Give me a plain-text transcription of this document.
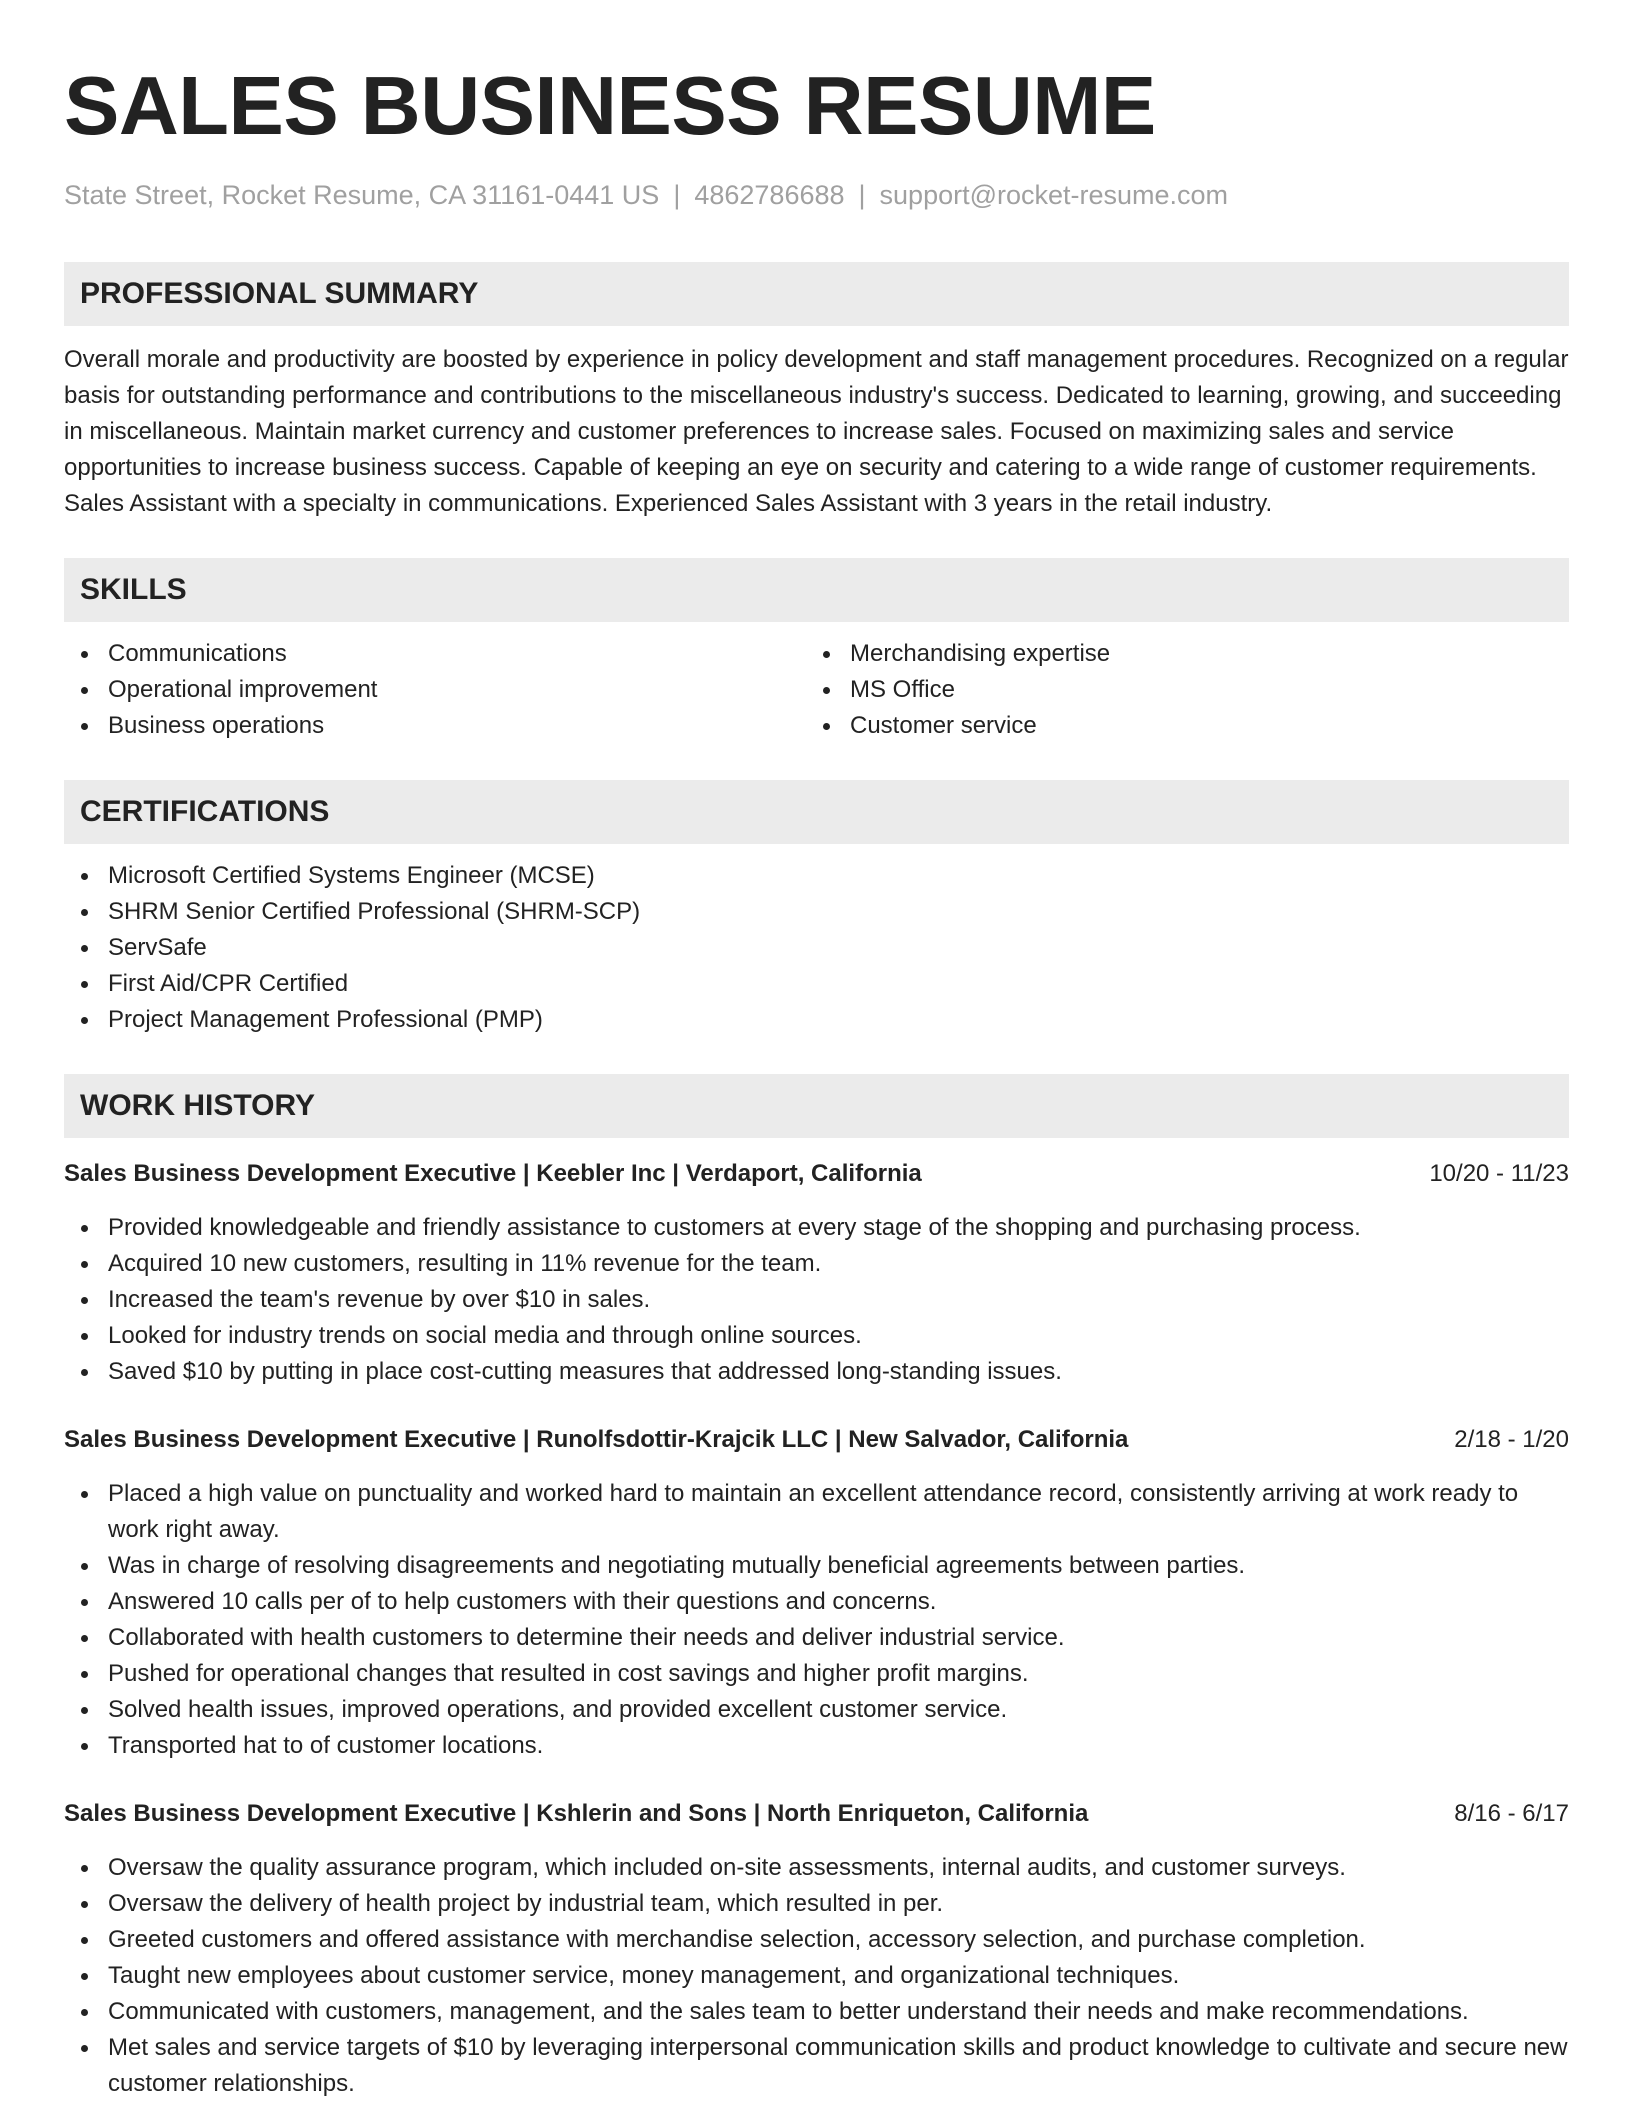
SALES BUSINESS RESUME
State Street, Rocket Resume, CA 31161-0441 US | 4862786688 | support@rocket-resume.com
PROFESSIONAL SUMMARY
Overall morale and productivity are boosted by experience in policy development and staff management procedures. Recognized on a regular basis for outstanding performance and contributions to the miscellaneous industry's success. Dedicated to learning, growing, and succeeding in miscellaneous. Maintain market currency and customer preferences to increase sales. Focused on maximizing sales and service opportunities to increase business success. Capable of keeping an eye on security and catering to a wide range of customer requirements. Sales Assistant with a specialty in communications. Experienced Sales Assistant with 3 years in the retail industry.
SKILLS
Communications
Operational improvement
Business operations
Merchandising expertise
MS Office
Customer service
CERTIFICATIONS
Microsoft Certified Systems Engineer (MCSE)
SHRM Senior Certified Professional (SHRM-SCP)
ServSafe
First Aid/CPR Certified
Project Management Professional (PMP)
WORK HISTORY
Sales Business Development Executive | Keebler Inc | Verdaport, California	10/20 - 11/23
Provided knowledgeable and friendly assistance to customers at every stage of the shopping and purchasing process.
Acquired 10 new customers, resulting in 11% revenue for the team.
Increased the team's revenue by over $10 in sales.
Looked for industry trends on social media and through online sources.
Saved $10 by putting in place cost-cutting measures that addressed long-standing issues.
Sales Business Development Executive | Runolfsdottir-Krajcik LLC | New Salvador, California	2/18 - 1/20
Placed a high value on punctuality and worked hard to maintain an excellent attendance record, consistently arriving at work ready to work right away.
Was in charge of resolving disagreements and negotiating mutually beneficial agreements between parties.
Answered 10 calls per of to help customers with their questions and concerns.
Collaborated with health customers to determine their needs and deliver industrial service.
Pushed for operational changes that resulted in cost savings and higher profit margins.
Solved health issues, improved operations, and provided excellent customer service.
Transported hat to of customer locations.
Sales Business Development Executive | Kshlerin and Sons | North Enriqueton, California	8/16 - 6/17
Oversaw the quality assurance program, which included on-site assessments, internal audits, and customer surveys.
Oversaw the delivery of health project by industrial team, which resulted in per.
Greeted customers and offered assistance with merchandise selection, accessory selection, and purchase completion.
Taught new employees about customer service, money management, and organizational techniques.
Communicated with customers, management, and the sales team to better understand their needs and make recommendations.
Met sales and service targets of $10 by leveraging interpersonal communication skills and product knowledge to cultivate and secure new customer relationships.
